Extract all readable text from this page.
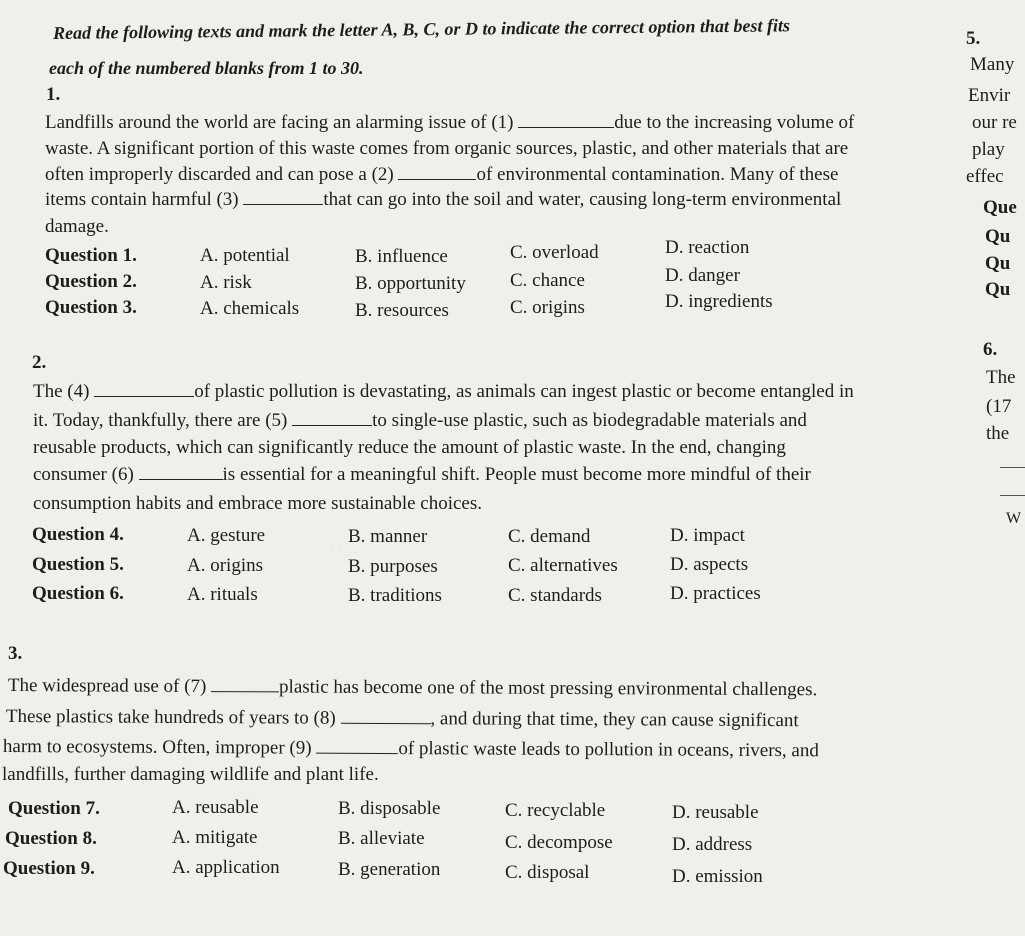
· · · ·
Read the following texts and mark the letter A, B, C, or D to indicate the correct option that best fits
each of the numbered blanks from 1 to 30.
1.
Landfills around the world are facing an alarming issue of (1)	due to the increasing volume of
waste. A significant portion of this waste comes from organic sources, plastic, and other materials that are
often improperly discarded and can pose a (2)	of environmental contamination. Many of these
items contain harmful (3)	that can go into the soil and water, causing long-term environmental
damage.
Question 1.	A. potential	B. influence	C. overload	D. reaction
Question 2.	A. risk	B. opportunity C. chance	D. danger
Question 3.	A. chemicals	B. resources	C. origins	D. ingredients
2.
The (4)	of plastic pollution is devastating, as animals can ingest plastic or become entangled in
it. Today, thankfully, there are (5)	to single-use plastic, such as biodegradable materials and
reusable products, which can significantly reduce the amount of plastic waste. In the end, changing
consumer (6)	is essential for a meaningful shift. People must become more mindful of their
consumption habits and embrace more sustainable choices.
Question 4.	A. gesture	B. manner	C. demand	D. impact
Question 5.	A. origins	B. purposes	C. alternatives	D. aspects
Question 6.	A. rituals	B. traditions	C. standards	D. practices
3.
The widespread use of (7)	plastic has become one of the most pressing environmental challenges.
These plastics take hundreds of years to (8)	, and during that time, they can cause significant
harm to ecosystems. Often, improper (9)	of plastic waste leads to pollution in oceans, rivers, and
landfills, further damaging wildlife and plant life.
Question 7.	A. reusable	B. disposable	C. recyclable	D. reusable
Question 8.	A. mitigate	B. alleviate	C. decompose	D. address
Question 9.	A. application	B. generation	C. disposal	D. emission
5.
Many
Envir
our re
play
effec
Que
Qu
Qu
Qu
6.
The
(17
the
W
